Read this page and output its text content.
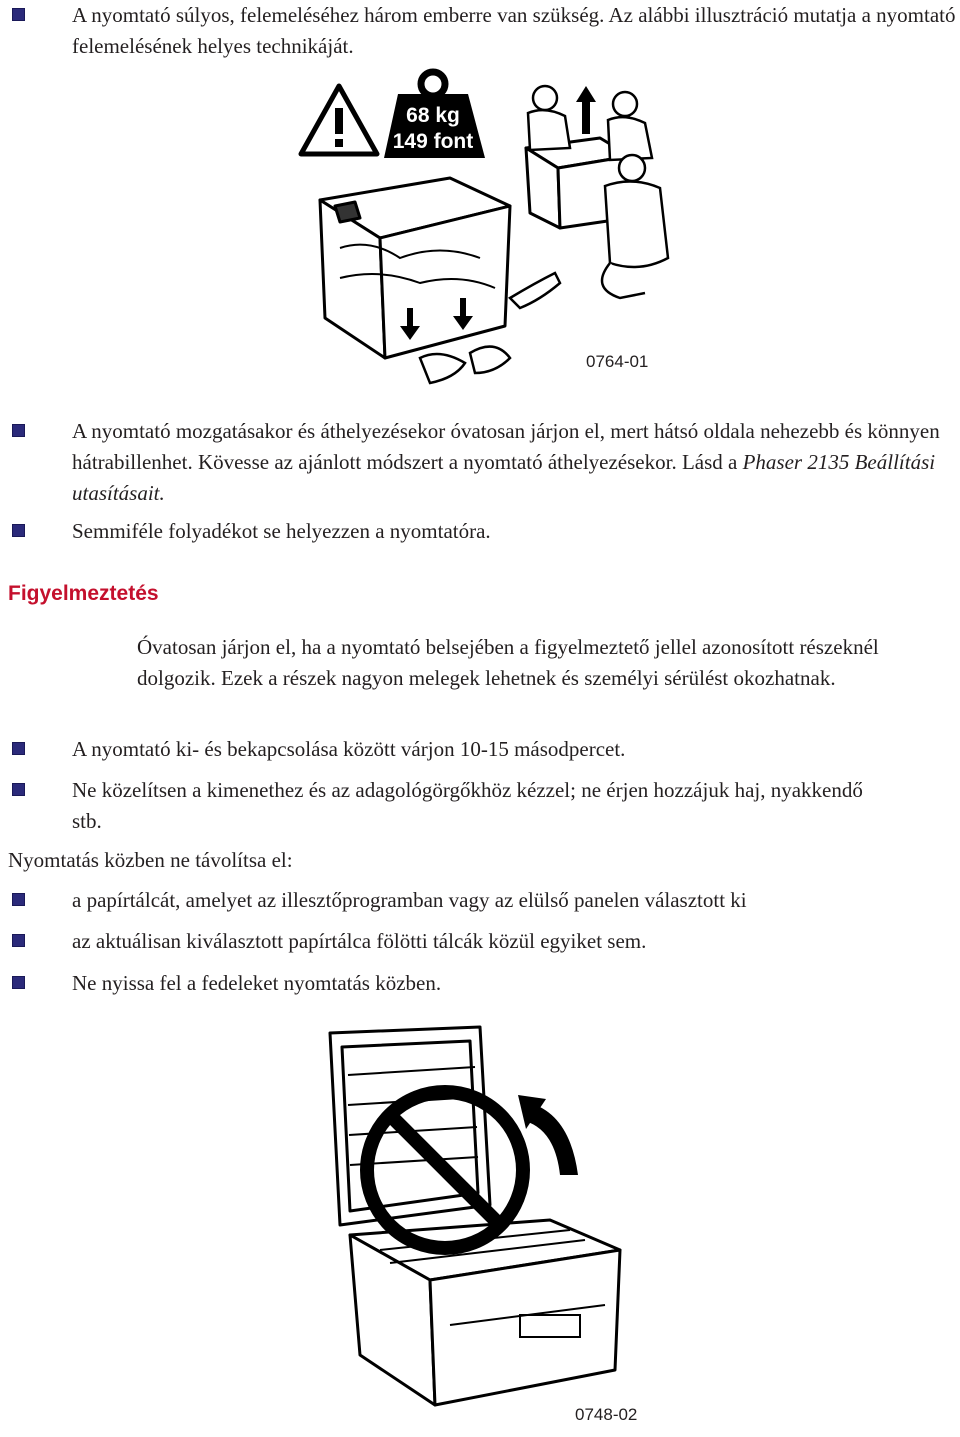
A nyomtató súlyos, felemeléséhez három emberre van szükség. Az alábbi illusztráció mutatja a nyomtató felemelésének helyes technikáját.
68 kg
149 font
0764-01
A nyomtató mozgatásakor és áthelyezésekor óvatosan járjon el, mert hátsó oldala nehezebb és könnyen hátrabillenhet. Kövesse az ajánlott módszert a nyomtató áthelyezésekor. Lásd a Phaser 2135 Beállítási utasításait.
Semmiféle folyadékot se helyezzen a nyomtatóra.
Figyelmeztetés
Óvatosan járjon el, ha a nyomtató belsejében a figyelmeztető jellel azonosított részeknél dolgozik. Ezek a részek nagyon melegek lehetnek és személyi sérülést okozhatnak.
A nyomtató ki- és bekapcsolása között várjon 10-15 másodpercet.
Ne közelítsen a kimenethez és az adagológörgőkhöz kézzel; ne érjen hozzájuk haj, nyakkendő stb.
Nyomtatás közben ne távolítsa el:
a papírtálcát, amelyet az illesztőprogramban vagy az elülső panelen választott ki
az aktuálisan kiválasztott papírtálca fölötti tálcák közül egyiket sem.
Ne nyissa fel a fedeleket nyomtatás közben.
0748-02
